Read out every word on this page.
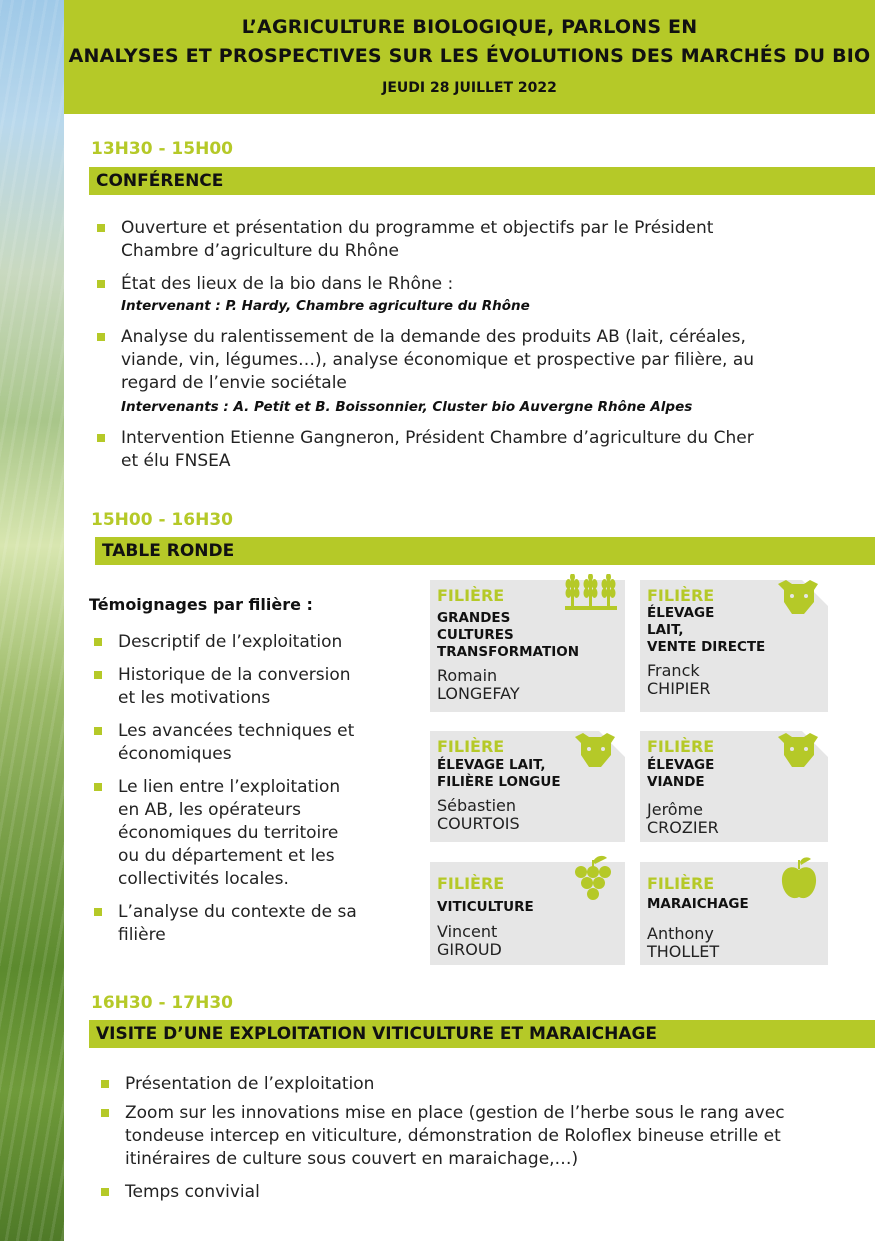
L’AGRICULTURE BIOLOGIQUE, PARLONS EN
ANALYSES ET PROSPECTIVES SUR LES ÉVOLUTIONS DES MARCHÉS DU BIO
JEUDI 28 JUILLET 2022
13H30 - 15H00
CONFÉRENCE
Ouverture et présentation du programme et objectifs par le Président
Chambre d’agriculture du Rhône
État des lieux de la bio dans le Rhône :
Intervenant : P. Hardy, Chambre agriculture du Rhône
Analyse du ralentissement de la demande des produits AB (lait, céréales,
viande, vin, légumes…), analyse économique et prospective par filière, au
regard de l’envie sociétale
Intervenants : A. Petit et B. Boissonnier, Cluster bio Auvergne Rhône Alpes
Intervention Etienne Gangneron, Président Chambre d’agriculture du Cher
et élu FNSEA
15H00 - 16H30
TABLE RONDE
Témoignages par filière :
Descriptif de l’exploitation
Historique de la conversion
et les motivations
Les avancées techniques et
économiques
Le lien entre l’exploitation
en AB, les opérateurs
économiques du territoire
ou du département et les
collectivités locales.
L’analyse du contexte de sa
filière
FILIÈRE
GRANDES
CULTURES
TRANSFORMATION
Romain
LONGEFAY
FILIÈRE
ÉLEVAGE
LAIT,
VENTE DIRECTE
Franck
CHIPIER
FILIÈRE
ÉLEVAGE LAIT,
FILIÈRE LONGUE
Sébastien
COURTOIS
FILIÈRE
ÉLEVAGE
VIANDE
Jerôme
CROZIER
FILIÈRE
VITICULTURE
Vincent
GIROUD
FILIÈRE
MARAICHAGE
Anthony
THOLLET
16H30 - 17H30
VISITE D’UNE EXPLOITATION VITICULTURE ET MARAICHAGE
Présentation de l’exploitation
Zoom sur les innovations mise en place (gestion de l’herbe sous le rang avec
tondeuse intercep en viticulture, démonstration de Roloflex bineuse etrille et
itinéraires de culture sous couvert en maraichage,…)
Temps convivial
